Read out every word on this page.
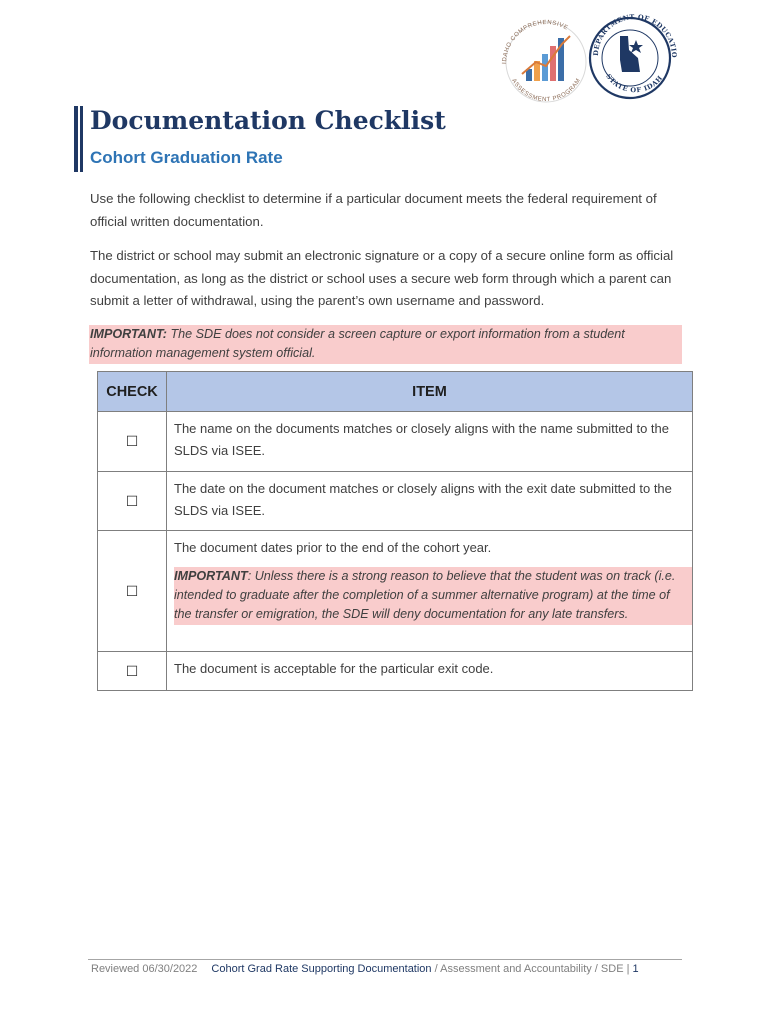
IDAHO COMPREHENSIVE
ASSESSMENT PROGRAM
DEPARTMENT OF EDUCATIO
STATE OF IDAH
Documentation Checklist
Cohort Graduation Rate

Use the following checklist to determine if a particular document meets the federal requirement of official written documentation.

The district or school may submit an electronic signature or a copy of a secure online form as official documentation, as long as the district or school uses a secure web form through which a parent can submit a letter of withdrawal, using the parent’s own username and password.

IMPORTANT: The SDE does not consider a screen capture or export information from a student information management system official.
CHECK	ITEM
☐	The name on the documents matches or closely aligns with the name submitted to the SLDS via ISEE.
☐	The date on the document matches or closely aligns with the exit date submitted to the SLDS via ISEE.
☐	The document dates prior to the end of the cohort year.

IMPORTANT: Unless there is a strong reason to believe that the student was on track (i.e. intended to graduate after the completion of a summer alternative program) at the time of the transfer or emigration, the SDE will deny documentation for any late transfers.

☐	The document is acceptable for the particular exit code.
Reviewed 06/30/2022 Cohort Grad Rate Supporting Documentation / Assessment and Accountability / SDE | 1
